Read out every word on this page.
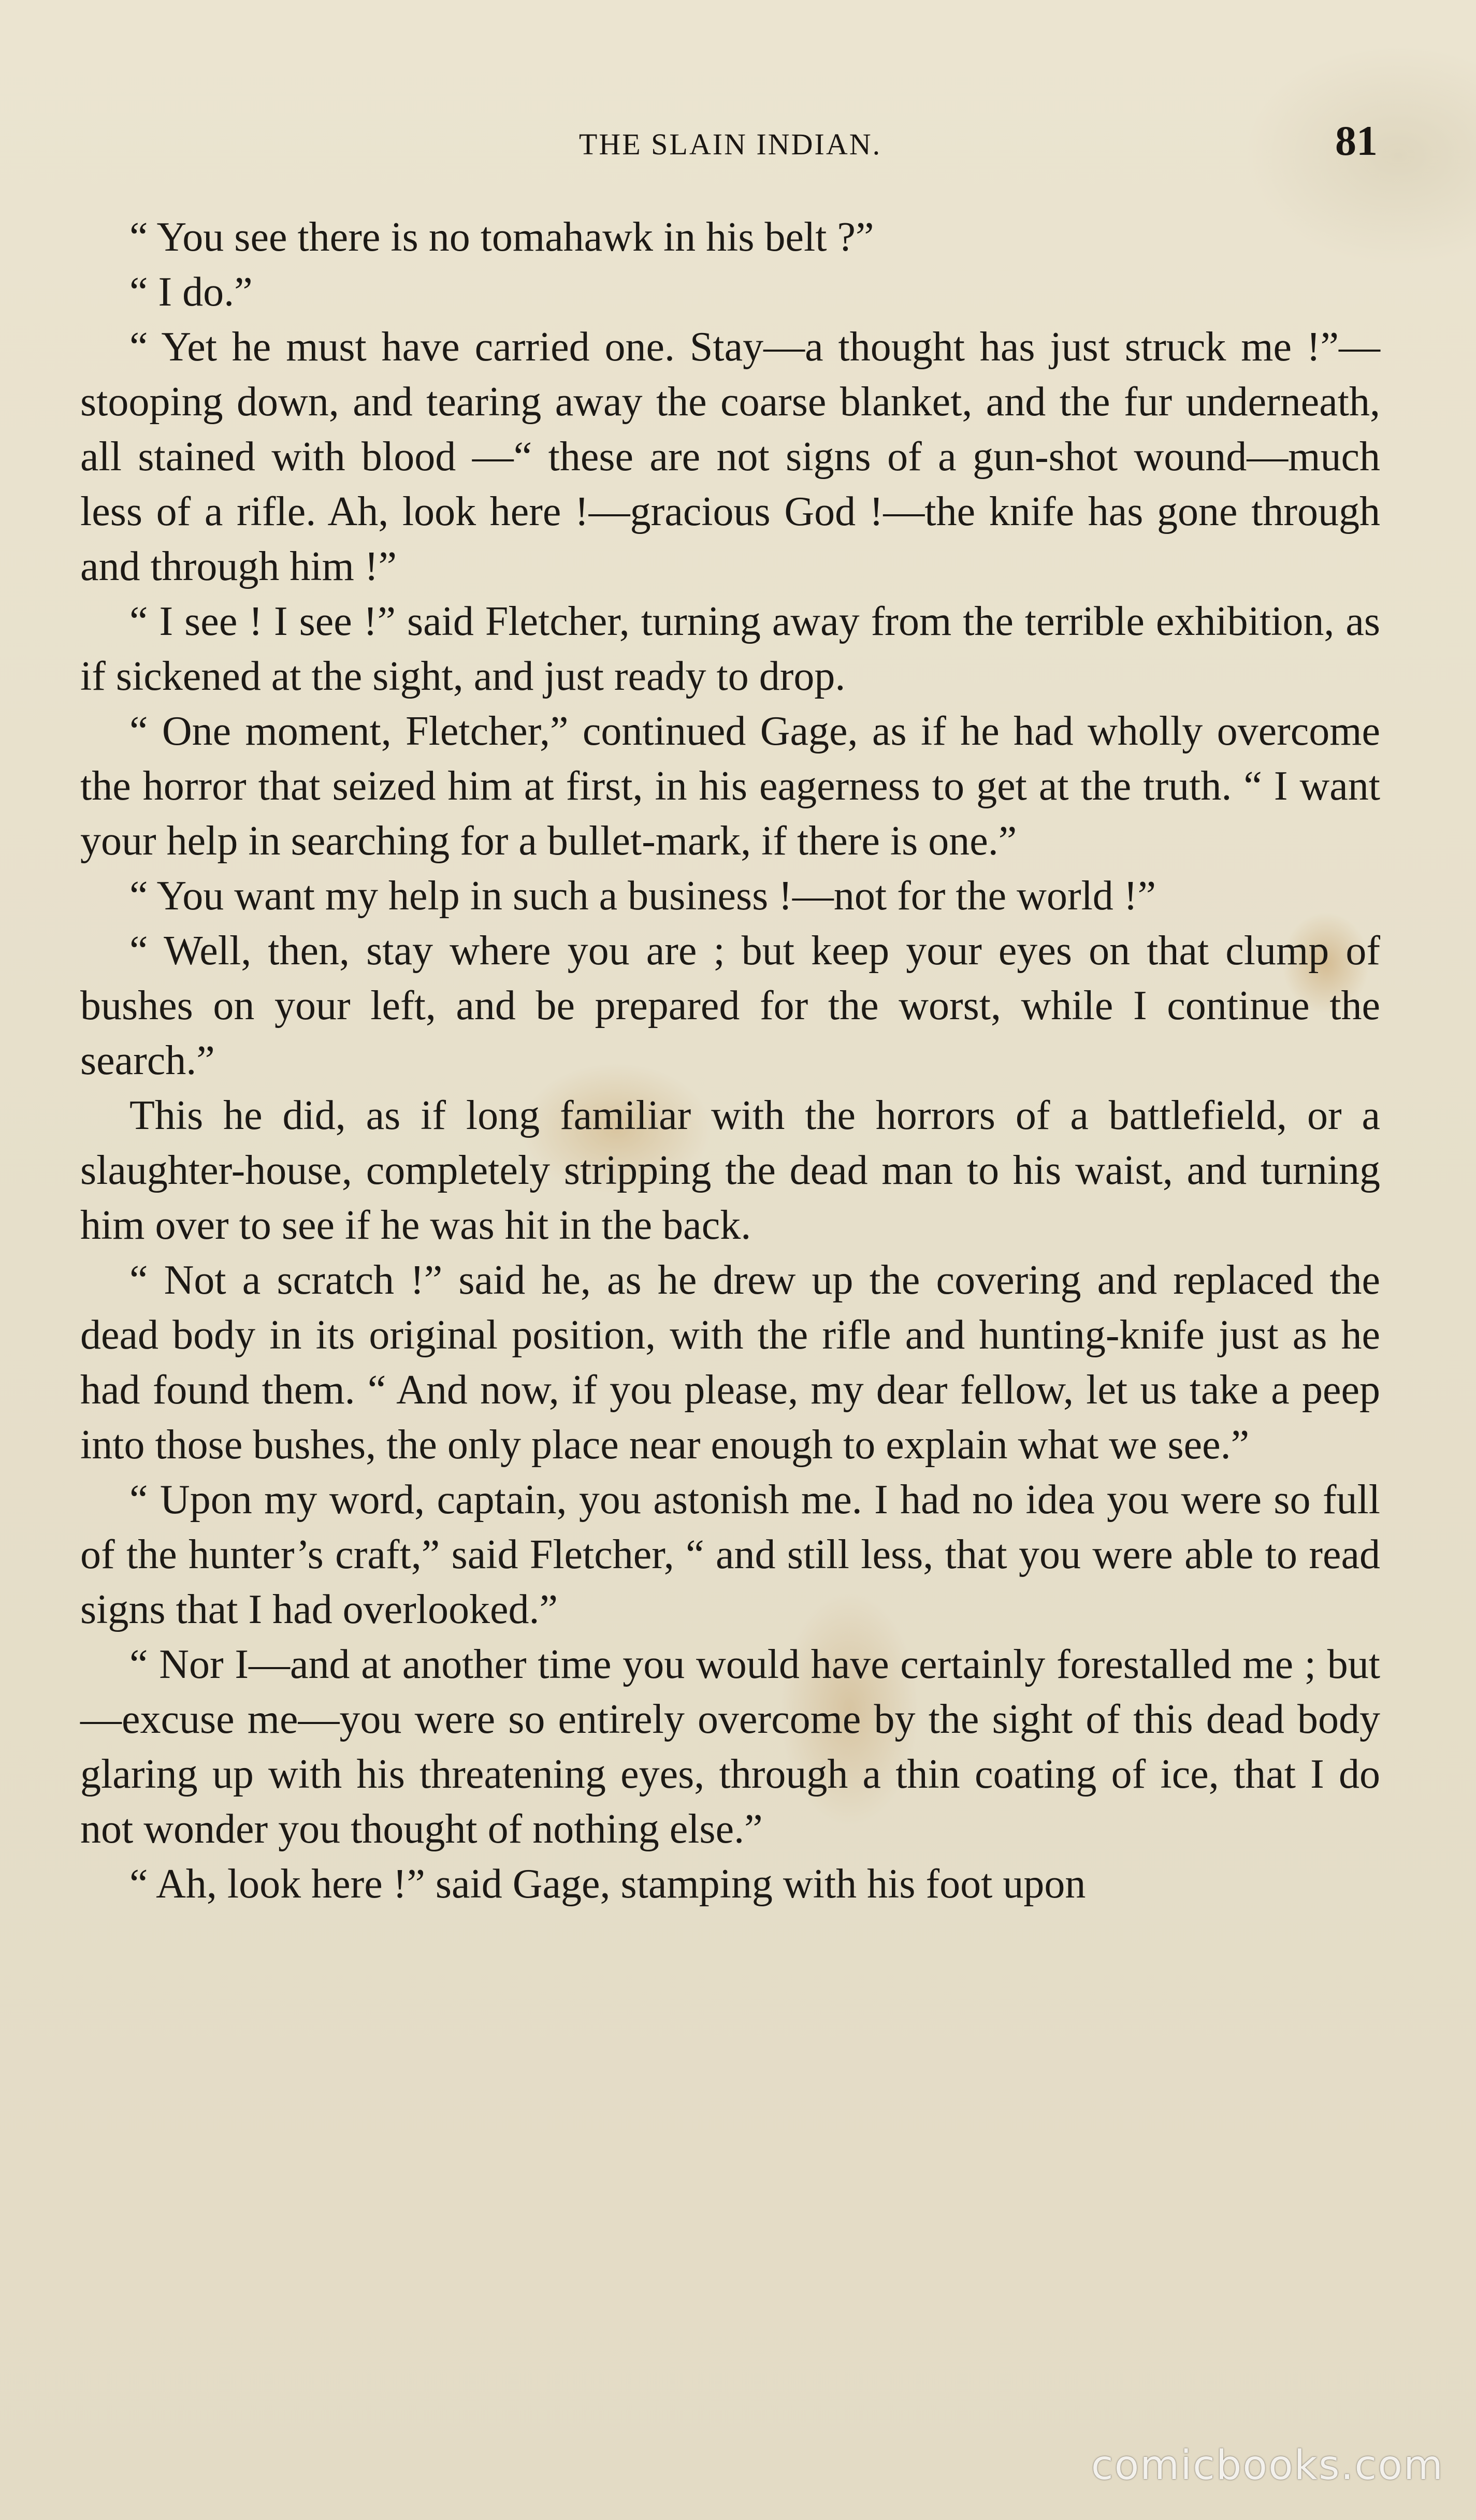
THE SLAIN INDIAN.	81

“ You see there is no tomahawk in his belt ?”

“ I do.”

“ Yet he must have carried one. Stay—a thought has just struck me !”—stooping down, and tearing away the coarse blanket, and the fur underneath, all stained with blood —“ these are not signs of a gun-shot wound—much less of a rifle. Ah, look here !—gracious God !—the knife has gone through and through him !”

“ I see ! I see !” said Fletcher, turning away from the terrible exhibition, as if sickened at the sight, and just ready to drop.

“ One moment, Fletcher,” continued Gage, as if he had wholly overcome the horror that seized him at first, in his eagerness to get at the truth. “ I want your help in searching for a bullet-mark, if there is one.”

“ You want my help in such a business !—not for the world !”

“ Well, then, stay where you are ; but keep your eyes on that clump of bushes on your left, and be prepared for the worst, while I continue the search.”

This he did, as if long familiar with the horrors of a battlefield, or a slaughter-house, completely stripping the dead man to his waist, and turning him over to see if he was hit in the back.

“ Not a scratch !” said he, as he drew up the covering and replaced the dead body in its original position, with the rifle and hunting-knife just as he had found them. “ And now, if you please, my dear fellow, let us take a peep into those bushes, the only place near enough to explain what we see.”

“ Upon my word, captain, you astonish me. I had no idea you were so full of the hunter’s craft,” said Fletcher, “ and still less, that you were able to read signs that I had overlooked.”

“ Nor I—and at another time you would have certainly forestalled me ; but—excuse me—you were so entirely overcome by the sight of this dead body glaring up with his threatening eyes, through a thin coating of ice, that I do not wonder you thought of nothing else.”

“ Ah, look here !” said Gage, stamping with his foot upon

comicbooks.com
